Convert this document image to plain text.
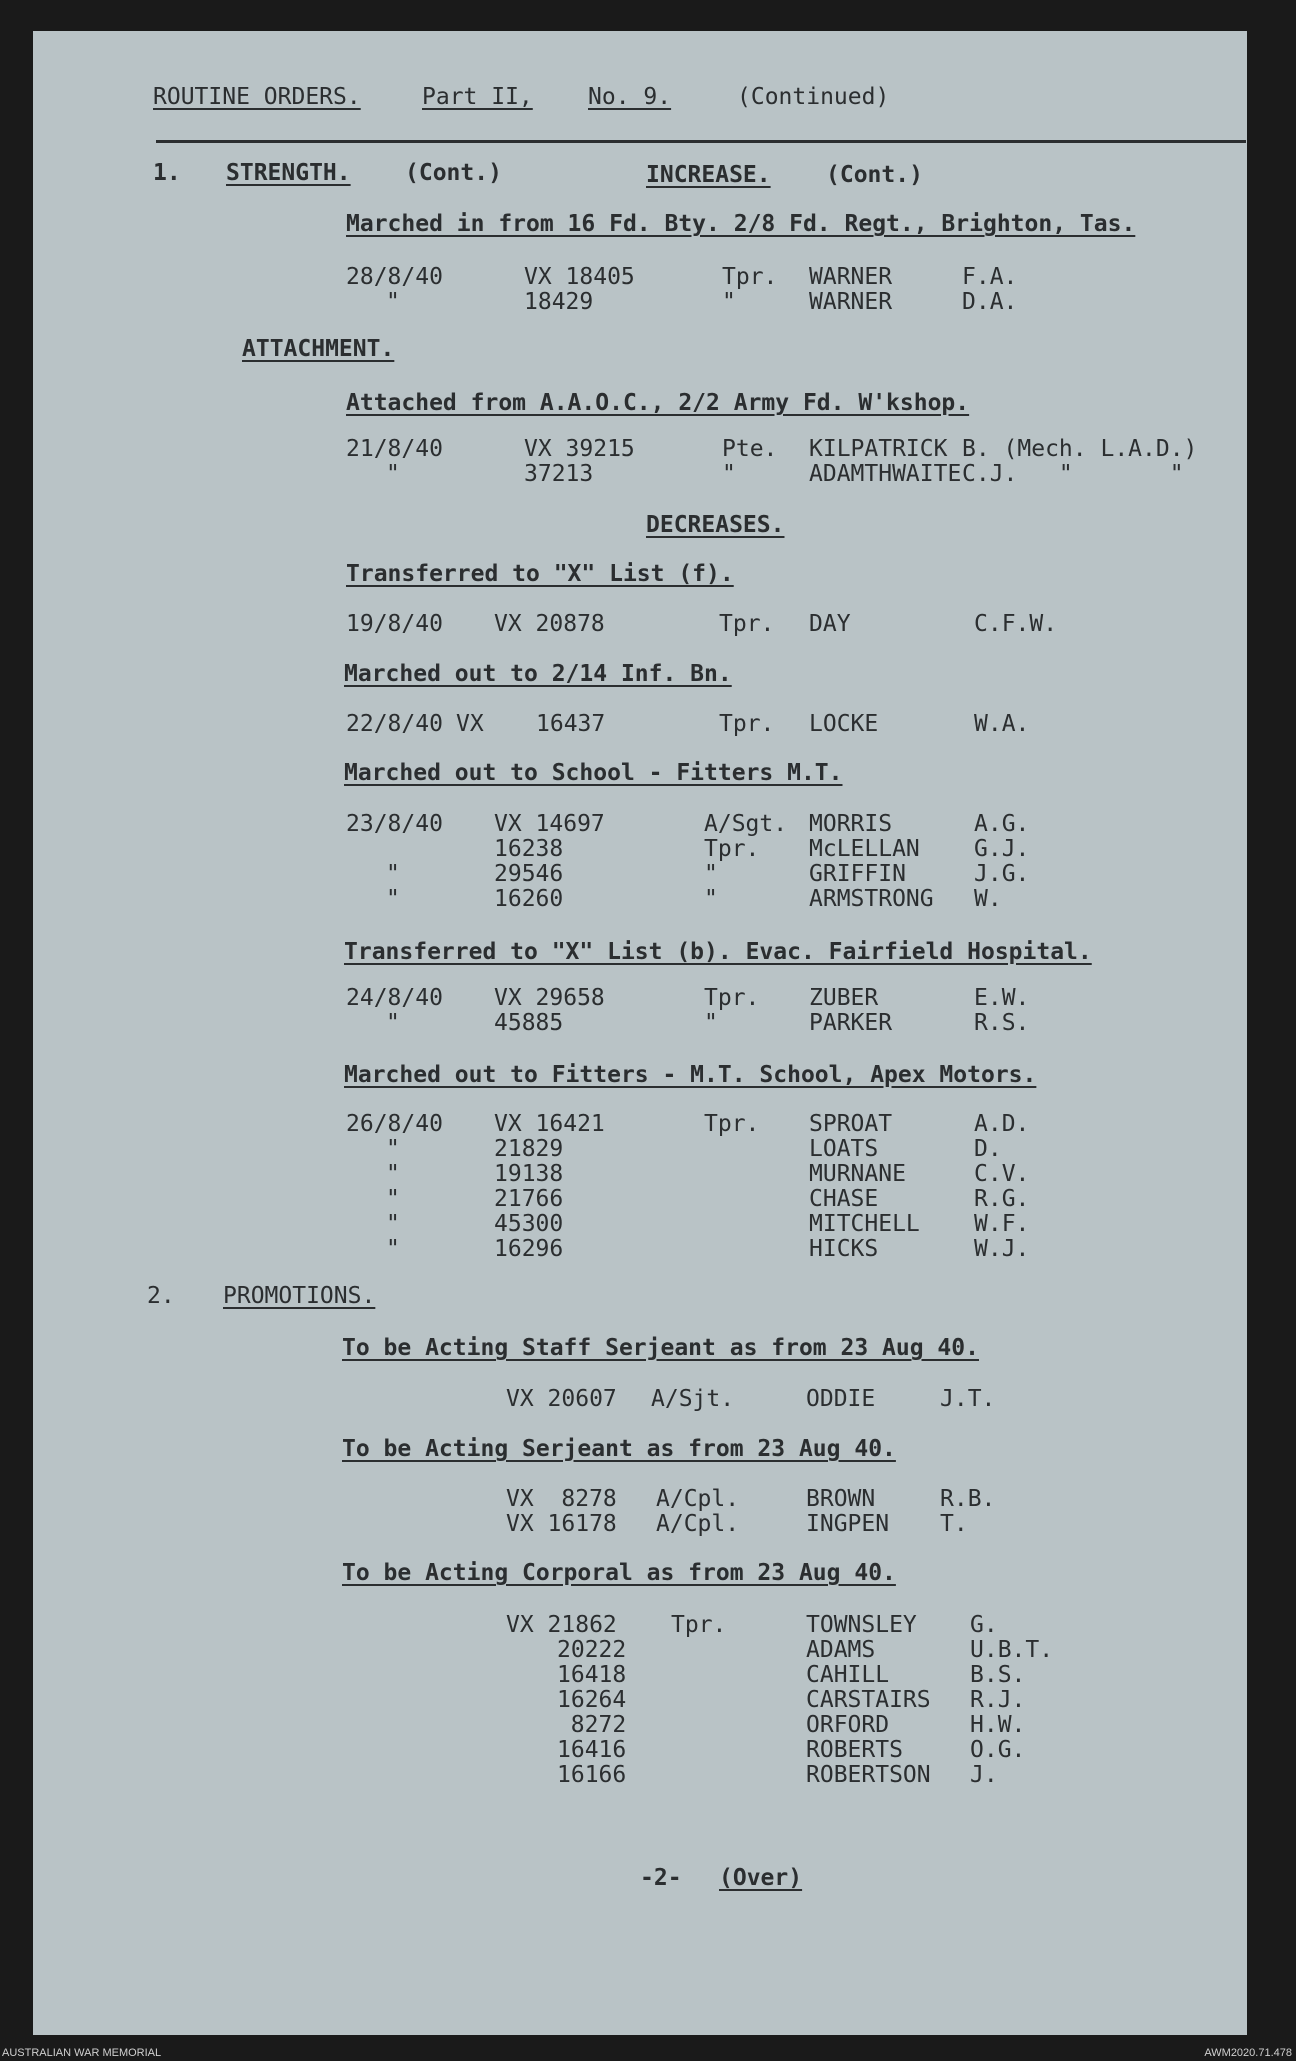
ROUTINE ORDERS.	Part II, No. 9.	(Continued)
1. STRENGTH. (Cont.)	INCREASE. (Cont.)
Marched in from 16 Fd. Bty. 2/8 Fd. Regt., Brighton, Tas.
28/8/40	VX 18405	Tpr. WARNER	F.A.
"	18429	"	WARNER	D.A.
ATTACHMENT.
Attached from A.A.O.C., 2/2 Army Fd. W'kshop.
21/8/40	VX 39215	Pte. KILPATRICK B. (Mech. L.A.D.)
"	37213	"	ADAMTHWAITE C.J.   "       "
DECREASES.
Transferred to "X" List (f).
19/8/40 VX 20878	Tpr. DAY	C.F.W.
Marched out to 2/14 Inf. Bn.
22/8/40 VX 16437	Tpr. LOCKE	W.A.
Marched out to School - Fitters M.T.
23/8/40 VX 14697	A/Sgt. MORRIS	A.G.
16238	Tpr. McLELLAN G.J.
"	29546	"	GRIFFIN	J.G.
"	16260	"	ARMSTRONG W.
Transferred to "X" List (b). Evac. Fairfield Hospital.
24/8/40 VX 29658	Tpr. ZUBER	E.W.
"	45885	"	PARKER	R.S.
Marched out to Fitters - M.T. School, Apex Motors.
26/8/40 VX 16421	Tpr. SPROAT	A.D.
"	21829	LOATS	D.
"	19138	MURNANE	C.V.
"	21766	CHASE	R.G.
"	45300	MITCHELL W.F.
"	16296	HICKS	W.J.
2. PROMOTIONS.
To be Acting Staff Serjeant as from 23 Aug 40.
VX 20607 A/Sjt.	ODDIE	J.T.
To be Acting Serjeant as from 23 Aug 40.
VX  8278 A/Cpl.	BROWN	R.B.
VX 16178 A/Cpl.	INGPEN T.
To be Acting Corporal as from 23 Aug 40.
VX 21862 Tpr.	TOWNSLEY G.
20222	ADAMS	U.B.T.
16418	CAHILL	B.S.
16264	CARSTAIRS R.J.
8272	ORFORD	H.W.
16416	ROBERTS	O.G.
16166	ROBERTSON J.
-2- (Over)
AUSTRALIAN WAR MEMORIAL	AWM2020.71.478
